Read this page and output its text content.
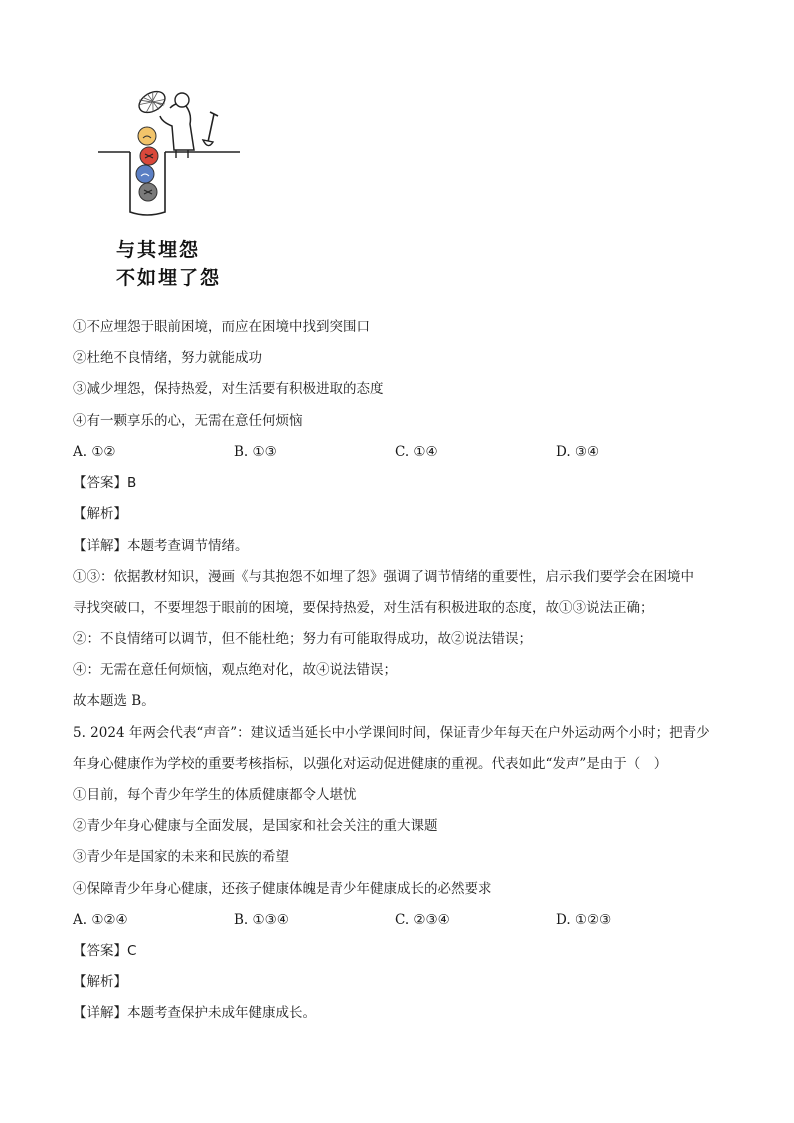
与其埋怨
不如埋了怨
①不应埋怨于眼前困境，而应在困境中找到突围口
②杜绝不良情绪，努力就能成功
③减少埋怨，保持热爱，对生活要有积极进取的态度
④有一颗享乐的心，无需在意任何烦恼
A. ①②	B. ①③	C. ①④	D. ③④
【答案】B
【解析】
【详解】本题考查调节情绪。
①③：依据教材知识，漫画《与其抱怨不如埋了怨》强调了调节情绪的重要性，启示我们要学会在困境中
寻找突破口，不要埋怨于眼前的困境，要保持热爱，对生活有积极进取的态度，故①③说法正确；
②：不良情绪可以调节，但不能杜绝；努力有可能取得成功，故②说法错误；
④：无需在意任何烦恼，观点绝对化，故④说法错误；
故本题选 B。
5. 2024 年两会代表“声音”：建议适当延长中小学课间时间，保证青少年每天在户外运动两个小时；把青少
年身心健康作为学校的重要考核指标，以强化对运动促进健康的重视。代表如此“发声”是由于（　）
①目前，每个青少年学生的体质健康都令人堪忧
②青少年身心健康与全面发展，是国家和社会关注的重大课题
③青少年是国家的未来和民族的希望
④保障青少年身心健康，还孩子健康体魄是青少年健康成长的必然要求
A. ①②④	B. ①③④	C. ②③④	D. ①②③
【答案】C
【解析】
【详解】本题考查保护未成年健康成长。
